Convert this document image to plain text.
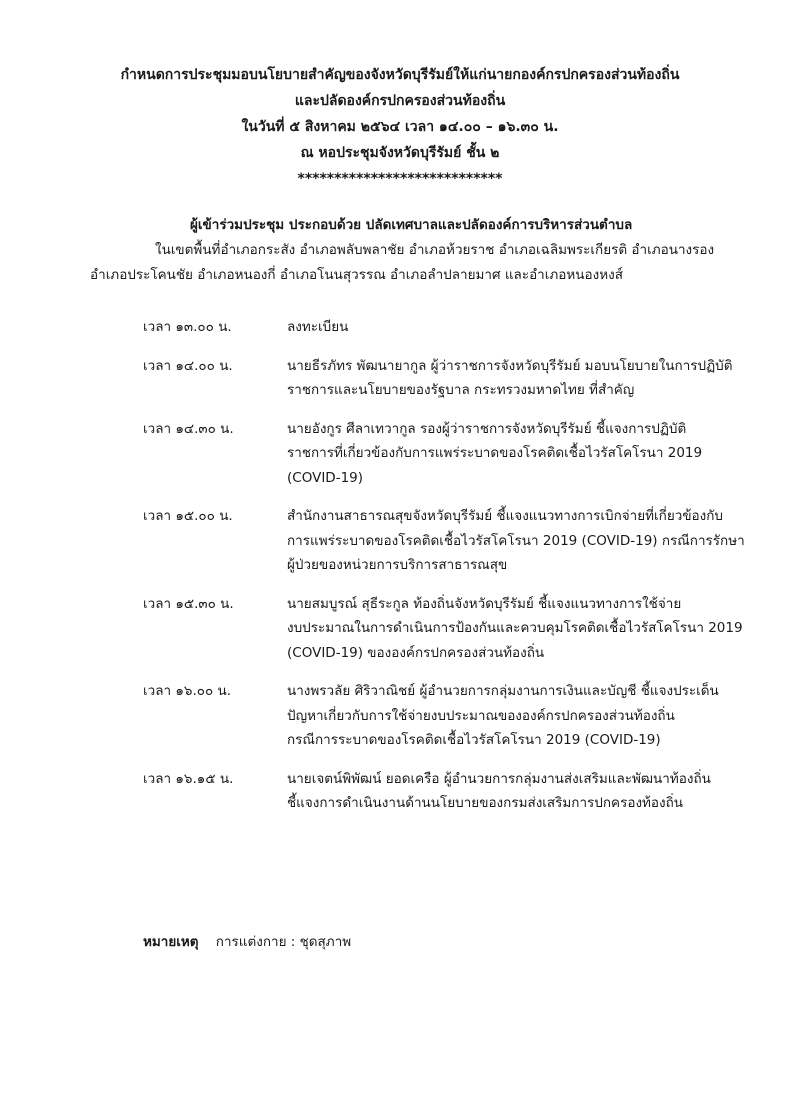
กำหนดการประชุมมอบนโยบายสำคัญของจังหวัดบุรีรัมย์ให้แก่นายกองค์กรปกครองส่วนท้องถิ่น
และปลัดองค์กรปกครองส่วนท้องถิ่น
ในวันที่ ๕ สิงหาคม ๒๕๖๔ เวลา ๑๔.๐๐ – ๑๖.๓๐ น.
ณ หอประชุมจังหวัดบุรีรัมย์ ชั้น ๒
****************************
ผู้เข้าร่วมประชุม ประกอบด้วย ปลัดเทศบาลและปลัดองค์การบริหารส่วนตำบล
ในเขตพื้นที่อำเภอกระสัง อำเภอพลับพลาชัย อำเภอห้วยราช อำเภอเฉลิมพระเกียรติ อำเภอนางรอง
อำเภอประโคนชัย อำเภอหนองกี่ อำเภอโนนสุวรรณ อำเภอลำปลายมาศ และอำเภอหนองหงส์
เวลา ๑๓.๐๐ น.	ลงทะเบียน
เวลา ๑๔.๐๐ น.	นายธีรภัทร พัฒนายากูล ผู้ว่าราชการจังหวัดบุรีรัมย์ มอบนโยบายในการปฏิบัติ
ราชการและนโยบายของรัฐบาล กระทรวงมหาดไทย ที่สำคัญ
เวลา ๑๔.๓๐ น.	นายอังกูร ศีลาเทวากูล รองผู้ว่าราชการจังหวัดบุรีรัมย์ ชี้แจงการปฏิบัติ
ราชการที่เกี่ยวข้องกับการแพร่ระบาดของโรคติดเชื้อไวรัสโคโรนา 2019
(COVID-19)
เวลา ๑๕.๐๐ น.	สำนักงานสาธารณสุขจังหวัดบุรีรัมย์ ชี้แจงแนวทางการเบิกจ่ายที่เกี่ยวข้องกับ
การแพร่ระบาดของโรคติดเชื้อไวรัสโคโรนา 2019 (COVID-19) กรณีการรักษา
ผู้ป่วยของหน่วยการบริการสาธารณสุข
เวลา ๑๕.๓๐ น.	นายสมบูรณ์ สุธีระกูล ท้องถิ่นจังหวัดบุรีรัมย์ ชี้แจงแนวทางการใช้จ่าย
งบประมาณในการดำเนินการป้องกันและควบคุมโรคติดเชื้อไวรัสโคโรนา 2019
(COVID-19) ขององค์กรปกครองส่วนท้องถิ่น
เวลา ๑๖.๐๐ น.	นางพรวลัย ศิริวาณิชย์ ผู้อำนวยการกลุ่มงานการเงินและบัญชี ชี้แจงประเด็น
ปัญหาเกี่ยวกับการใช้จ่ายงบประมาณขององค์กรปกครองส่วนท้องถิ่น
กรณีการระบาดของโรคติดเชื้อไวรัสโคโรนา 2019 (COVID-19)
เวลา ๑๖.๑๕ น.	นายเจตน์พิพัฒน์ ยอดเครือ ผู้อำนวยการกลุ่มงานส่งเสริมและพัฒนาท้องถิ่น
ชี้แจงการดำเนินงานด้านนโยบายของกรมส่งเสริมการปกครองท้องถิ่น
หมายเหตุ การแต่งกาย : ชุดสุภาพ
